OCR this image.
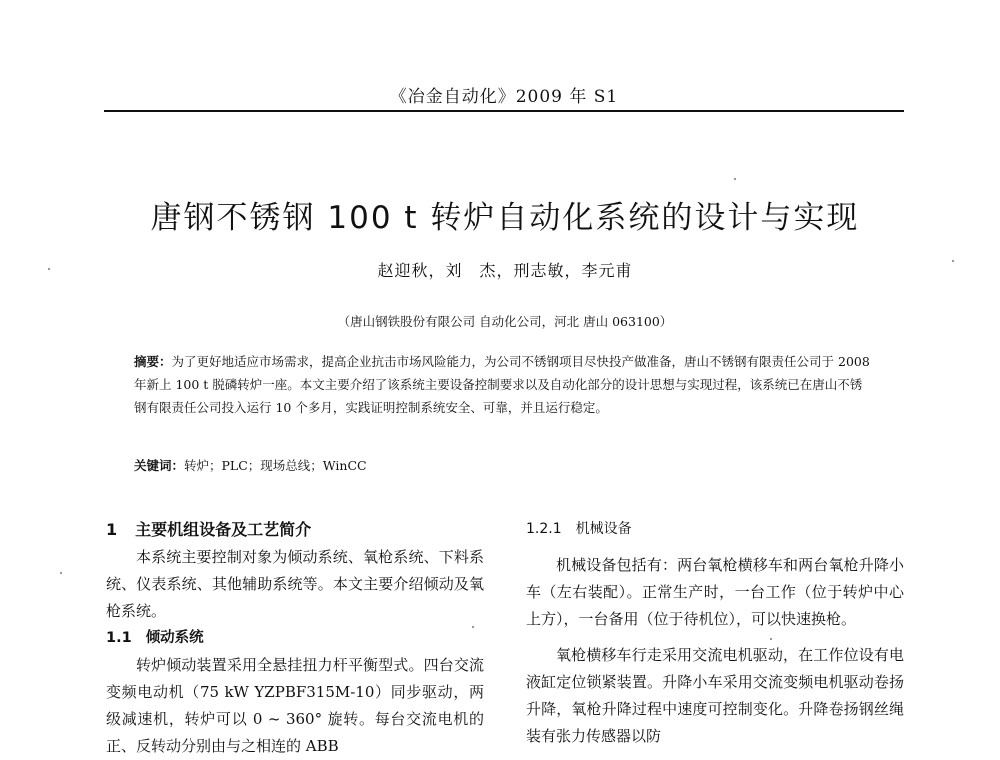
《冶金自动化》2009 年 S1
唐钢不锈钢 100 t 转炉自动化系统的设计与实现
赵迎秋，刘　杰，刑志敏，李元甫
（唐山钢铁股份有限公司 自动化公司，河北 唐山 063100）

摘要：为了更好地适应市场需求，提高企业抗击市场风险能力，为公司不锈钢项目尽快投产做准备，唐山不锈钢有限责任公司于 2008 年新上 100 t 脱磷转炉一座。本文主要介绍了该系统主要设备控制要求以及自动化部分的设计思想与实现过程，该系统已在唐山不锈钢有限责任公司投入运行 10 个多月，实践证明控制系统安全、可靠，并且运行稳定。

关键词：转炉；PLC；现场总线；WinCC

1 主要机组设备及工艺简介

本系统主要控制对象为倾动系统、氧枪系统、下料系统、仪表系统、其他辅助系统等。本文主要介绍倾动及氧枪系统。

1.1 倾动系统

转炉倾动装置采用全悬挂扭力杆平衡型式。四台交流变频电动机（75 kW YZPBF315M-10）同步驱动，两级减速机，转炉可以 0 ~ 360° 旋转。每台交流电机的正、反转动分别由与之相连的 ABB

1.2.1 机械设备

机械设备包括有：两台氧枪横移车和两台氧枪升降小车（左右装配）。正常生产时，一台工作（位于转炉中心上方），一台备用（位于待机位），可以快速换枪。

氧枪横移车行走采用交流电机驱动，在工作位设有电液缸定位锁紧装置。升降小车采用交流变频电机驱动卷扬升降，氧枪升降过程中速度可控制变化。升降卷扬钢丝绳装有张力传感器以防
